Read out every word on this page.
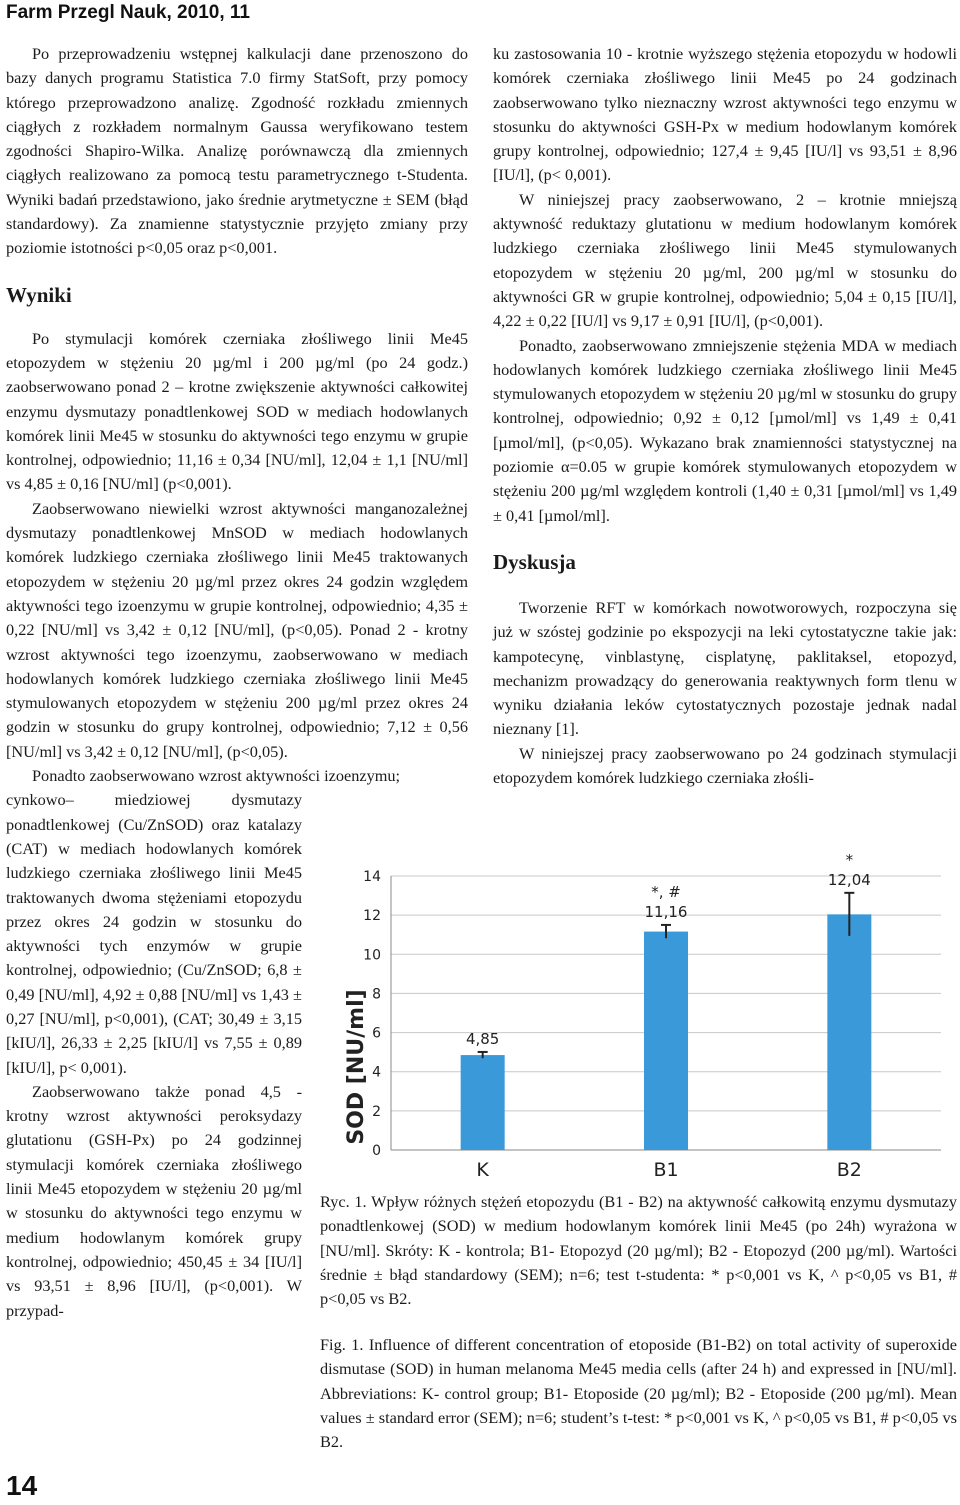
Farm Przegl Nauk, 2010, 11

Po przeprowadzeniu wstępnej kalkulacji dane przenoszono do bazy danych programu Statistica 7.0 firmy StatSoft, przy pomocy którego przeprowadzono analizę. Zgodność rozkładu zmiennych ciągłych z rozkładem normalnym Gaussa weryfikowano testem zgodności Shapiro-Wilka. Analizę porównawczą dla zmiennych ciągłych realizowano za pomocą testu parametrycznego t-Studenta. Wyniki badań przedstawiono, jako średnie arytmetyczne ± SEM (błąd standardowy). Za znamienne statystycznie przyjęto zmiany przy poziomie istotności p<0,05 oraz p<0,001.

Wyniki

Po stymulacji komórek czerniaka złośliwego linii Me45 etopozydem w stężeniu 20 µg/ml i 200 µg/ml (po 24 godz.) zaobserwowano ponad 2 – krotne zwiększenie aktywności całkowitej enzymu dysmutazy ponadtlenkowej SOD w mediach hodowlanych komórek linii Me45 w stosunku do aktywności tego enzymu w grupie kontrolnej, odpowiednio; 11,16 ± 0,34 [NU/ml], 12,04 ± 1,1 [NU/ml] vs 4,85 ± 0,16 [NU/ml] (p<0,001).

Zaobserwowano niewielki wzrost aktywności manganozależnej dysmutazy ponadtlenkowej MnSOD w mediach hodowlanych komórek ludzkiego czerniaka złośliwego linii Me45 traktowanych etopozydem w stężeniu 20 µg/ml przez okres 24 godzin względem aktywności tego izoenzymu w grupie kontrolnej, odpowiednio; 4,35 ± 0,22 [NU/ml] vs 3,42 ± 0,12 [NU/ml], (p<0,05). Ponad 2 - krotny wzrost aktywności tego izoenzymu, zaobserwowano w mediach hodowlanych komórek ludzkiego czerniaka złośliwego linii Me45 stymulowanych etopozydem w stężeniu 200 µg/ml przez okres 24 godzin w stosunku do grupy kontrolnej, odpowiednio; 7,12 ± 0,56 [NU/ml] vs 3,42 ± 0,12 [NU/ml], (p<0,05).

Ponadto zaobserwowano wzrost aktywności izoenzymu;

cynkowo– miedziowej dysmutazy ponadtlenkowej (Cu/ZnSOD) oraz katalazy (CAT) w mediach hodowlanych komórek ludzkiego czerniaka złośliwego linii Me45 traktowanych dwoma stężeniami etopozydu przez okres 24 godzin w stosunku do aktywności tych enzymów w grupie kontrolnej, odpowiednio; (Cu/ZnSOD; 6,8 ± 0,49 [NU/ml], 4,92 ± 0,88 [NU/ml] vs 1,43 ± 0,27 [NU/ml], p<0,001), (CAT; 30,49 ± 3,15 [kIU/l], 26,33 ± 2,25 [kIU/l] vs 7,55 ± 0,89 [kIU/l], p< 0,001).

Zaobserwowano także ponad 4,5 - krotny wzrost aktywności peroksydazy glutationu (GSH-Px) po 24 godzinnej stymulacji komórek czerniaka złośliwego linii Me45 etopozydem w stężeniu 20 µg/ml w stosunku do aktywności tego enzymu w medium hodowlanym komórek grupy kontrolnej, odpowiednio; 450,45 ± 34 [IU/l] vs 93,51 ± 8,96 [IU/l], (p<0,001). W przypad-

ku zastosowania 10 - krotnie wyższego stężenia etopozydu w hodowli komórek czerniaka złośliwego linii Me45 po 24 godzinach zaobserwowano tylko nieznaczny wzrost aktywności tego enzymu w stosunku do aktywności GSH-Px w medium hodowlanym komórek grupy kontrolnej, odpowiednio; 127,4 ± 9,45 [IU/l] vs 93,51 ± 8,96 [IU/l], (p< 0,001).

W niniejszej pracy zaobserwowano, 2 – krotnie mniejszą aktywność reduktazy glutationu w medium hodowlanym komórek ludzkiego czerniaka złośliwego linii Me45 stymulowanych etopozydem w stężeniu 20 µg/ml, 200 µg/ml w stosunku do aktywności GR w grupie kontrolnej, odpowiednio; 5,04 ± 0,15 [IU/l], 4,22 ± 0,22 [IU/l] vs 9,17 ± 0,91 [IU/l], (p<0,001).

Ponadto, zaobserwowano zmniejszenie stężenia MDA w mediach hodowlanych komórek ludzkiego czerniaka złośliwego linii Me45 stymulowanych etopozydem w stężeniu 20 µg/ml w stosunku do grupy kontrolnej, odpowiednio; 0,92 ± 0,12 [µmol/ml] vs 1,49 ± 0,41 [µmol/ml], (p<0,05). Wykazano brak znamienności statystycznej na poziomie α=0.05 w grupie komórek stymulowanych etopozydem w stężeniu 200 µg/ml względem kontroli (1,40 ± 0,31 [µmol/ml] vs 1,49 ± 0,41 [µmol/ml].

Dyskusja

Tworzenie RFT w komórkach nowotworowych, rozpoczyna się już w szóstej godzinie po ekspozycji na leki cytostatyczne takie jak: kampotecynę, vinblastynę, cisplatynę, paklitaksel, etopozyd, mechanizm prowadzący do generowania reaktywnych form tlenu w wyniku działania leków cytostatycznych pozostaje jednak nadal nieznany [1].

W niniejszej pracy zaobserwowano po 24 godzinach stymulacji etopozydem komórek ludzkiego czerniaka złośli-

0
2
4
6
8
10
12
14
4,85
K
11,16
*, #
B1
12,04
*
B2
SOD [NU/ml]
Ryc. 1. Wpływ różnych stężeń etopozydu (B1 - B2) na aktywność całkowitą enzymu dysmutazy ponadtlenkowej (SOD) w medium hodowlanym komórek linii Me45 (po 24h) wyrażona w [NU/ml]. Skróty: K - kontrola; B1- Etopozyd (20 µg/ml); B2 - Etopozyd (200 µg/ml). Wartości średnie ± błąd standardowy (SEM); n=6; test t-studenta: * p<0,001 vs K, ^ p<0,05 vs B1, # p<0,05 vs B2.
Fig. 1. Influence of different concentration of etoposide (B1-B2) on total activity of superoxide dismutase (SOD) in human melanoma Me45 media cells (after 24 h) and expressed in [NU/ml]. Abbreviations: K- control group; B1- Etoposide (20 µg/ml); B2 - Etoposide (200 µg/ml). Mean values ± standard error (SEM); n=6; student’s t-test: * p<0,001 vs K, ^ p<0,05 vs B1, # p<0,05 vs B2.
14
